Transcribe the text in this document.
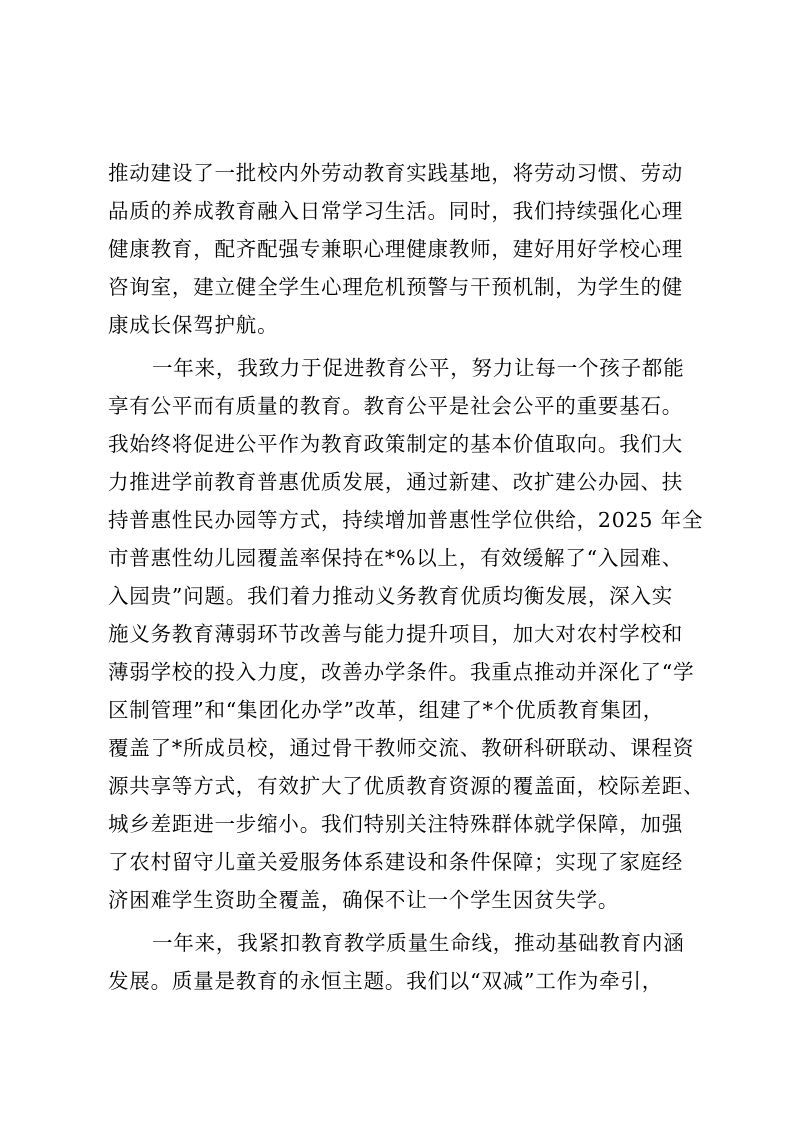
推动建设了一批校内外劳动教育实践基地，将劳动习惯、劳动
品质的养成教育融入日常学习生活。同时，我们持续强化心理
健康教育，配齐配强专兼职心理健康教师，建好用好学校心理
咨询室，建立健全学生心理危机预警与干预机制，为学生的健
康成长保驾护航。
一年来，我致力于促进教育公平，努力让每一个孩子都能
享有公平而有质量的教育。教育公平是社会公平的重要基石。
我始终将促进公平作为教育政策制定的基本价值取向。我们大
力推进学前教育普惠优质发展，通过新建、改扩建公办园、扶
持普惠性民办园等方式，持续增加普惠性学位供给，2025 年全
市普惠性幼儿园覆盖率保持在*%以上，有效缓解了“入园难、
入园贵”问题。我们着力推动义务教育优质均衡发展，深入实
施义务教育薄弱环节改善与能力提升项目，加大对农村学校和
薄弱学校的投入力度，改善办学条件。我重点推动并深化了“学
区制管理”和“集团化办学”改革，组建了*个优质教育集团，
覆盖了*所成员校，通过骨干教师交流、教研科研联动、课程资
源共享等方式，有效扩大了优质教育资源的覆盖面，校际差距、
城乡差距进一步缩小。我们特别关注特殊群体就学保障，加强
了农村留守儿童关爱服务体系建设和条件保障；实现了家庭经
济困难学生资助全覆盖，确保不让一个学生因贫失学。
一年来，我紧扣教育教学质量生命线，推动基础教育内涵
发展。质量是教育的永恒主题。我们以“双减”工作为牵引，
